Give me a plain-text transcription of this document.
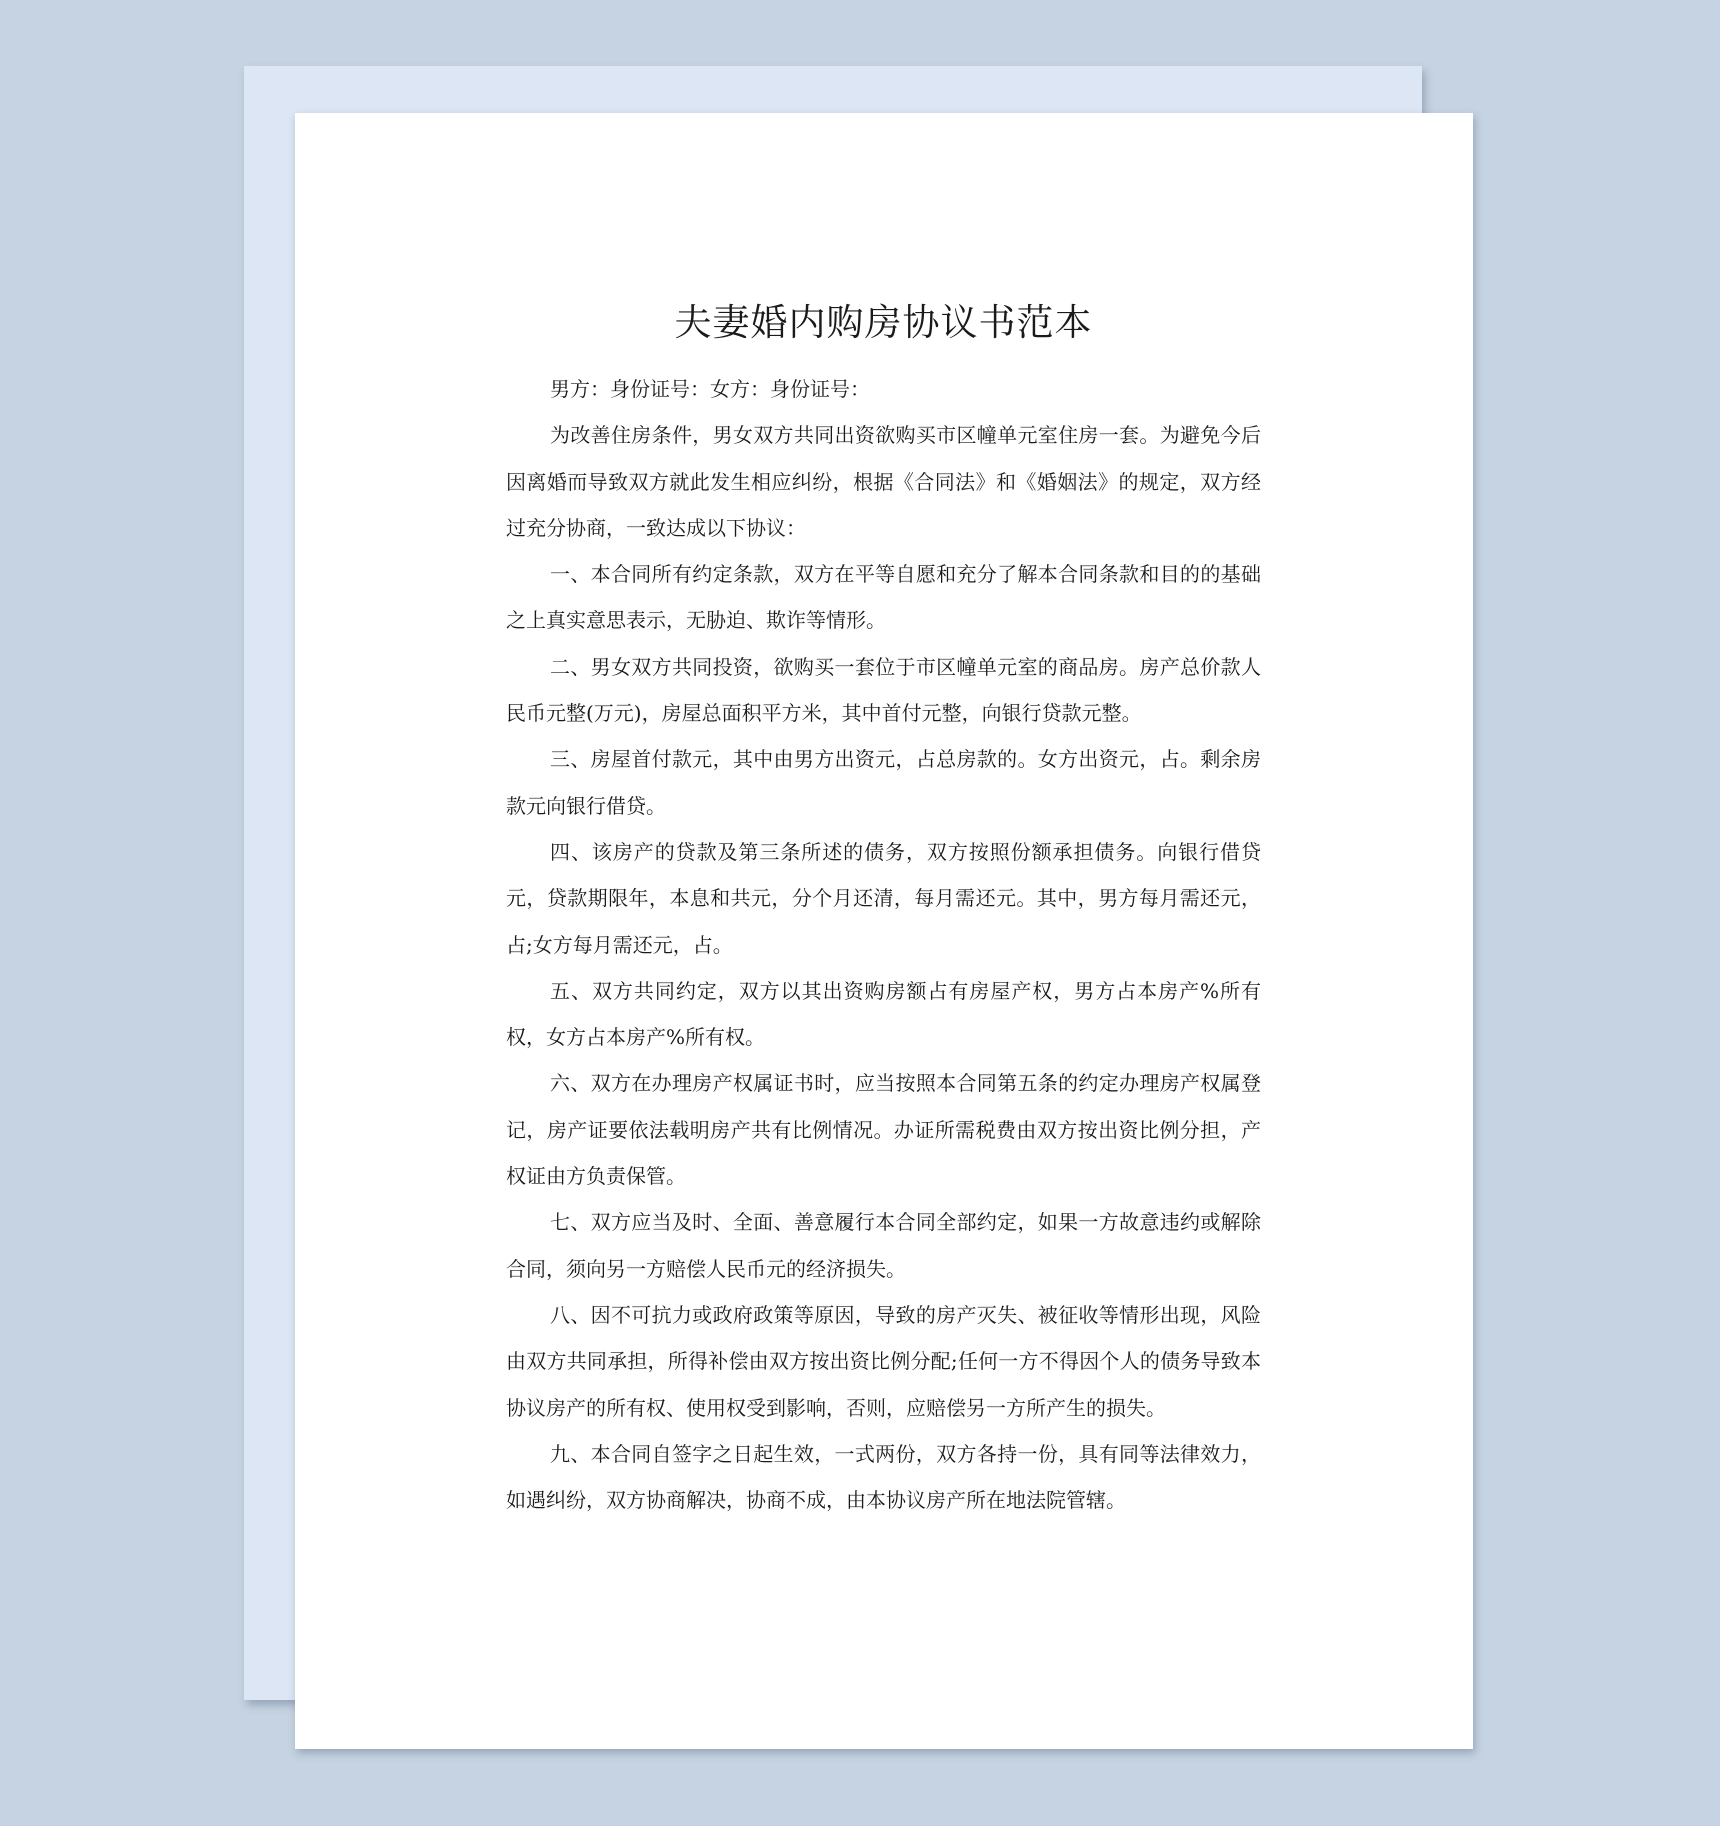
夫妻婚内购房协议书范本

男方：身份证号：女方：身份证号：

为改善住房条件，男女双方共同出资欲购买市区幢单元室住房一套。为避免今后因离婚而导致双方就此发生相应纠纷，根据《合同法》和《婚姻法》的规定，双方经过充分协商，一致达成以下协议：

一、本合同所有约定条款，双方在平等自愿和充分了解本合同条款和目的的基础之上真实意思表示，无胁迫、欺诈等情形。

二、男女双方共同投资，欲购买一套位于市区幢单元室的商品房。房产总价款人民币元整(万元)，房屋总面积平方米，其中首付元整，向银行贷款元整。

三、房屋首付款元，其中由男方出资元，占总房款的。女方出资元，占。剩余房款元向银行借贷。

四、该房产的贷款及第三条所述的债务，双方按照份额承担债务。向银行借贷元，贷款期限年，本息和共元，分个月还清，每月需还元。其中，男方每月需还元，占;女方每月需还元，占。

五、双方共同约定，双方以其出资购房额占有房屋产权，男方占本房产%所有权，女方占本房产%所有权。

六、双方在办理房产权属证书时，应当按照本合同第五条的约定办理房产权属登记，房产证要依法载明房产共有比例情况。办证所需税费由双方按出资比例分担，产权证由方负责保管。

七、双方应当及时、全面、善意履行本合同全部约定，如果一方故意违约或解除合同，须向另一方赔偿人民币元的经济损失。

八、因不可抗力或政府政策等原因，导致的房产灭失、被征收等情形出现，风险由双方共同承担，所得补偿由双方按出资比例分配;任何一方不得因个人的债务导致本协议房产的所有权、使用权受到影响，否则，应赔偿另一方所产生的损失。

九、本合同自签字之日起生效，一式两份，双方各持一份，具有同等法律效力，如遇纠纷，双方协商解决，协商不成，由本协议房产所在地法院管辖。
